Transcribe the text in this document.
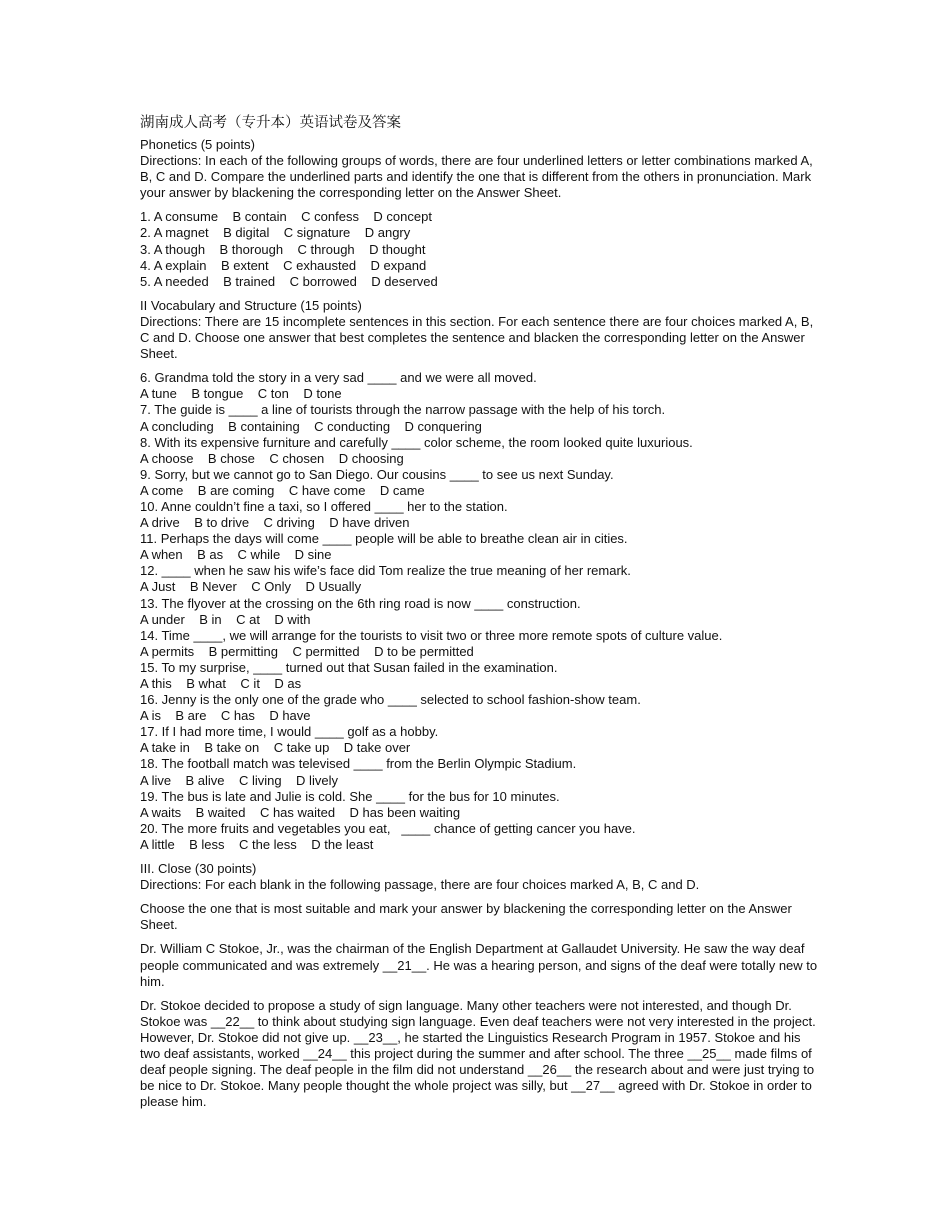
湖南成人高考（专升本）英语试卷及答案

Phonetics (5 points)

Directions: In each of the following groups of words, there are four underlined letters or letter combinations marked A, B, C and D. Compare the underlined parts and identify the one that is different from the others in pronunciation. Mark your answer by blackening the corresponding letter on the Answer Sheet.

1. A consume    B contain    C confess    D concept

2. A magnet    B digital    C signature    D angry

3. A though    B thorough    C through    D thought

4. A explain    B extent    C exhausted    D expand

5. A needed    B trained    C borrowed    D deserved

II Vocabulary and Structure (15 points)

Directions: There are 15 incomplete sentences in this section. For each sentence there are four choices marked A, B, C and D. Choose one answer that best completes the sentence and blacken the corresponding letter on the Answer Sheet.

6. Grandma told the story in a very sad ____ and we were all moved.

A tune    B tongue    C ton    D tone

7. The guide is ____ a line of tourists through the narrow passage with the help of his torch.

A concluding    B containing    C conducting    D conquering

8. With its expensive furniture and carefully ____ color scheme, the room looked quite luxurious.

A choose    B chose    C chosen    D choosing

9. Sorry, but we cannot go to San Diego. Our cousins ____ to see us next Sunday.

A come    B are coming    C have come    D came

10. Anne couldn’t fine a taxi, so I offered ____ her to the station.

A drive    B to drive    C driving    D have driven

11. Perhaps the days will come ____ people will be able to breathe clean air in cities.

A when    B as    C while    D sine

12. ____ when he saw his wife’s face did Tom realize the true meaning of her remark.

A Just    B Never    C Only    D Usually

13. The flyover at the crossing on the 6th ring road is now ____ construction.

A under    B in    C at    D with

14. Time ____, we will arrange for the tourists to visit two or three more remote spots of culture value.

A permits    B permitting    C permitted    D to be permitted

15. To my surprise, ____ turned out that Susan failed in the examination.

A this    B what    C it    D as

16. Jenny is the only one of the grade who ____ selected to school fashion-show team.

A is    B are    C has    D have

17. If I had more time, I would ____ golf as a hobby.

A take in    B take on    C take up    D take over

18. The football match was televised ____ from the Berlin Olympic Stadium.

A live    B alive    C living    D lively

19. The bus is late and Julie is cold. She ____ for the bus for 10 minutes.

A waits    B waited    C has waited    D has been waiting

20. The more fruits and vegetables you eat,   ____ chance of getting cancer you have.

A little    B less    C the less    D the least

III. Close (30 points)

Directions: For each blank in the following passage, there are four choices marked A, B, C and D.

Choose the one that is most suitable and mark your answer by blackening the corresponding letter on the Answer Sheet.

Dr. William C Stokoe, Jr., was the chairman of the English Department at Gallaudet University. He saw the way deaf people communicated and was extremely __21__. He was a hearing person, and signs of the deaf were totally new to him.

Dr. Stokoe decided to propose a study of sign language. Many other teachers were not interested, and though Dr. Stokoe was __22__ to think about studying sign language. Even deaf teachers were not very interested in the project. However, Dr. Stokoe did not give up. __23__, he started the Linguistics Research Program in 1957. Stokoe and his two deaf assistants, worked __24__ this project during the summer and after school. The three __25__ made films of deaf people signing. The deaf people in the film did not understand __26__ the research about and were just trying to be nice to Dr. Stokoe. Many people thought the whole project was silly, but __27__ agreed with Dr. Stokoe in order to please him.
